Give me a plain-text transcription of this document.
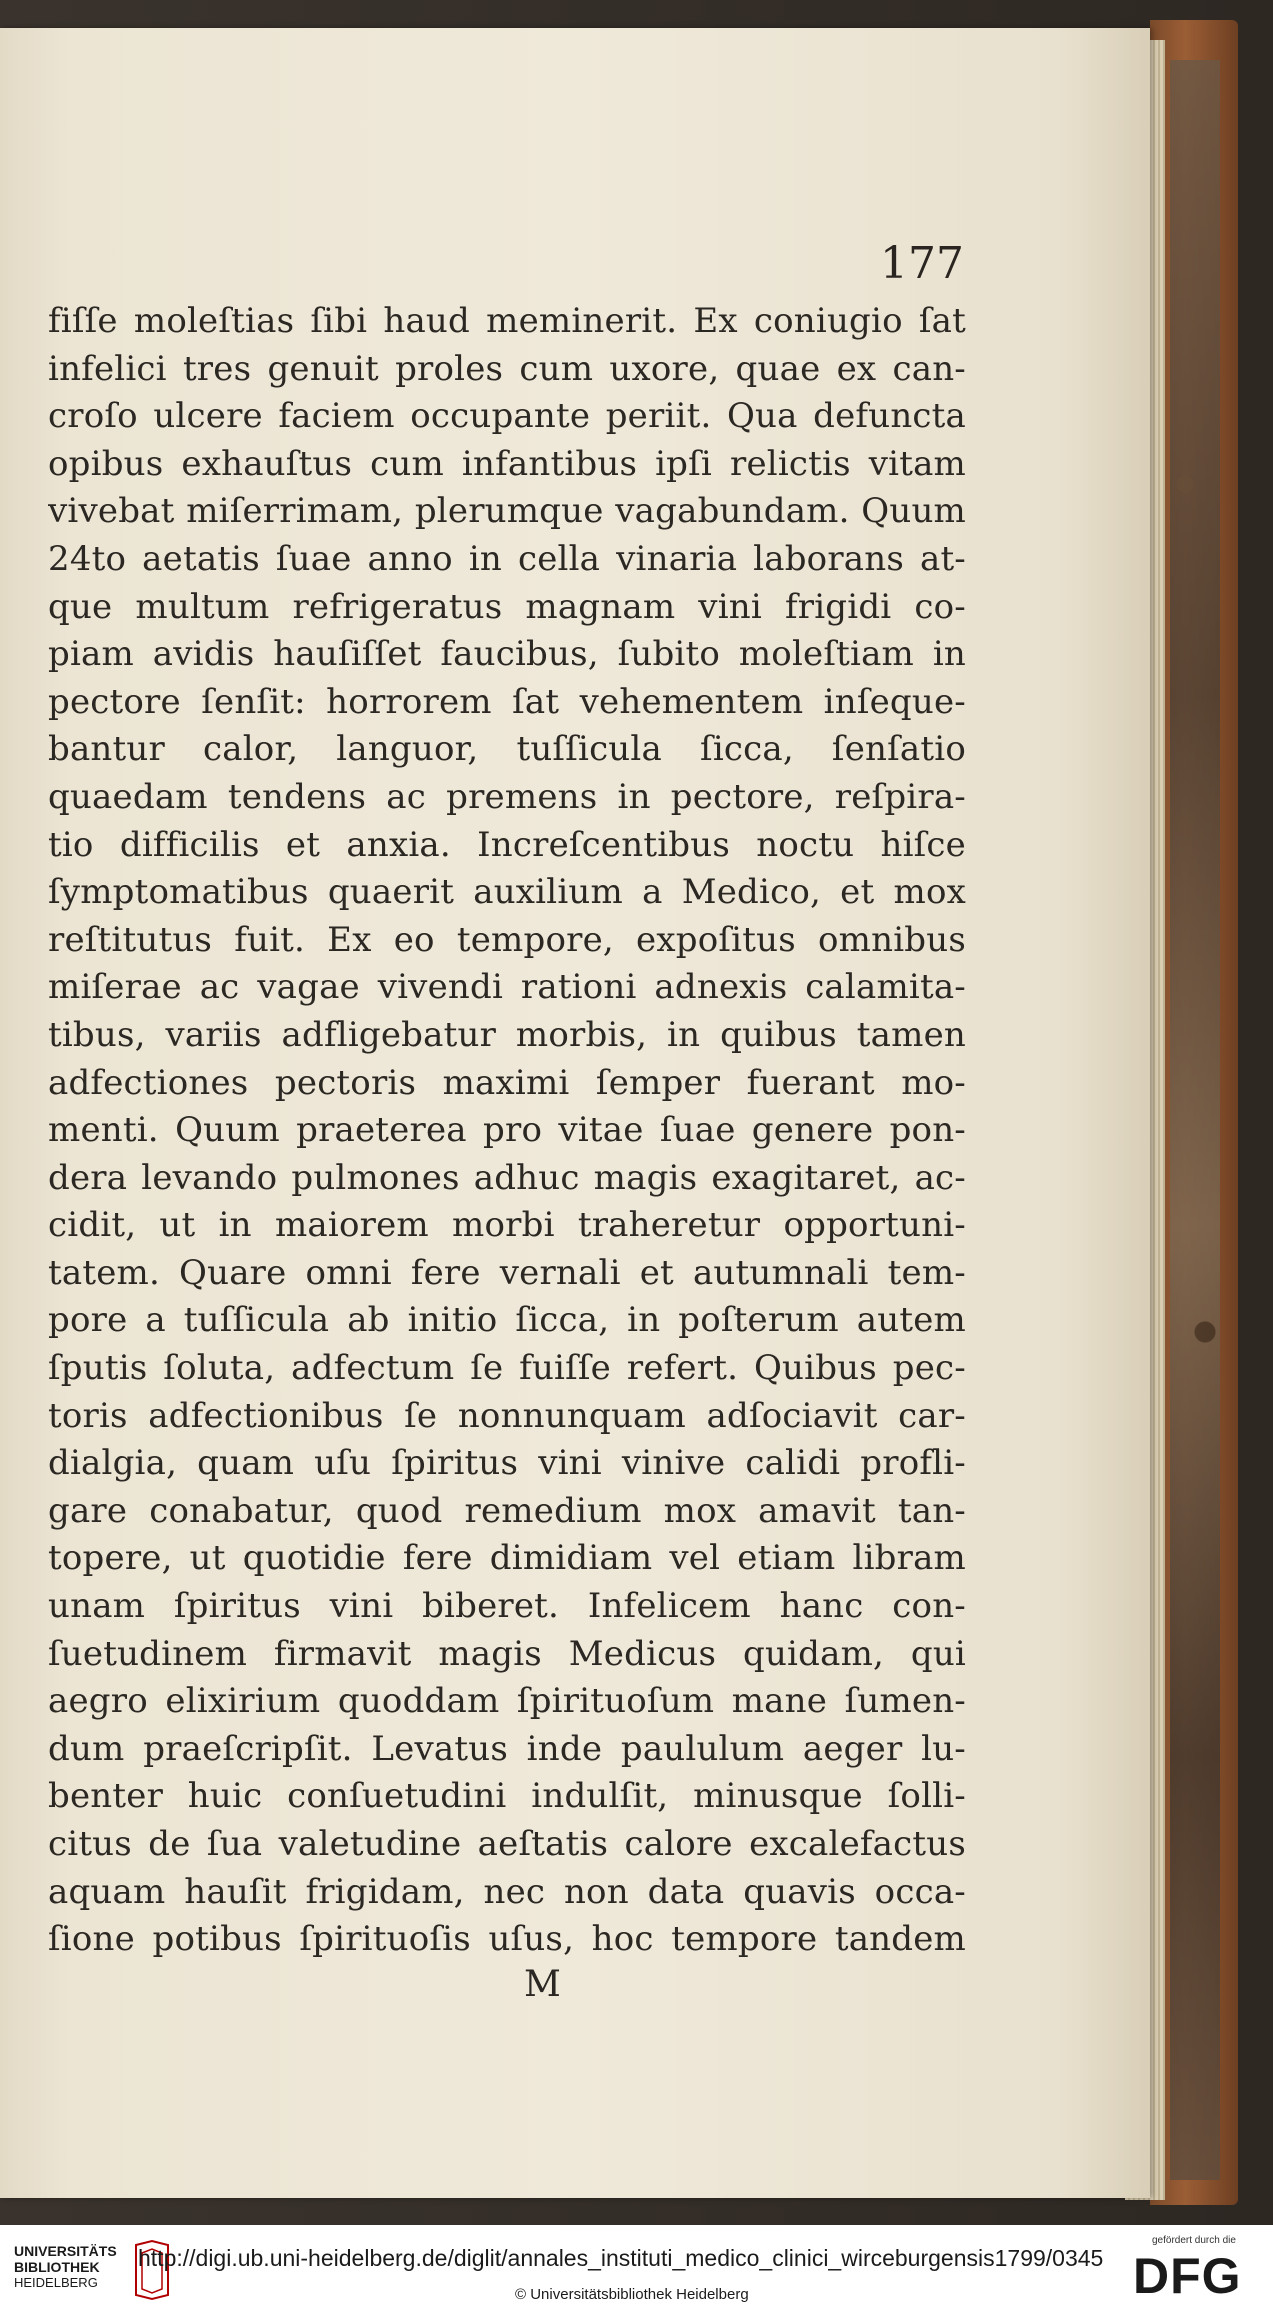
177

fiſſe moleſtias ſibi haud meminerit. Ex coniugio ſat
infelici tres genuit proles cum uxore, quae ex can-
croſo ulcere faciem occupante periit. Qua defuncta
opibus exhauſtus cum infantibus ipſi relictis vitam
vivebat miſerrimam, plerumque vagabundam. Quum
24to aetatis ſuae anno in cella vinaria laborans at-
que multum refrigeratus magnam vini frigidi co-
piam avidis hauſiſſet faucibus, ſubito moleſtiam in
pectore ſenſit: horrorem ſat vehementem inſeque-
bantur calor, languor, tuſſicula ſicca, ſenſatio
quaedam tendens ac premens in pectore, reſpira-
tio difficilis et anxia. Increſcentibus noctu hiſce
ſymptomatibus quaerit auxilium a Medico, et mox
reſtitutus fuit. Ex eo tempore, expoſitus omnibus
miſerae ac vagae vivendi rationi adnexis calamita-
tibus, variis adfligebatur morbis, in quibus tamen
adfectiones pectoris maximi ſemper fuerant mo-
menti. Quum praeterea pro vitae ſuae genere pon-
dera levando pulmones adhuc magis exagitaret, ac-
cidit, ut in maiorem morbi traheretur opportuni-
tatem. Quare omni fere vernali et autumnali tem-
pore a tuſſicula ab initio ſicca, in poſterum autem
ſputis ſoluta, adfectum ſe fuiſſe refert. Quibus pec-
toris adfectionibus ſe nonnunquam adſociavit car-
dialgia, quam uſu ſpiritus vini vinive calidi profli-
gare conabatur, quod remedium mox amavit tan-
topere, ut quotidie fere dimidiam vel etiam libram
unam ſpiritus vini biberet. Infelicem hanc con-
ſuetudinem firmavit magis Medicus quidam, qui
aegro elixirium quoddam ſpirituoſum mane ſumen-
dum praeſcripſit. Levatus inde paululum aeger lu-
benter huic conſuetudini indulſit, minusque ſolli-
citus de ſua valetudine aeſtatis calore excalefactus
aquam hauſit frigidam, nec non data quavis occa-
ſione potibus ſpirituoſis uſus, hoc tempore tandem

M

UNIVERSITÄTS
BIBLIOTHEK
HEIDELBERG
http://digi.ub.uni-heidelberg.de/diglit/annales_instituti_medico_clinici_wirceburgensis1799/0345
© Universitätsbibliothek Heidelberg
gefördert durch die
DFG
